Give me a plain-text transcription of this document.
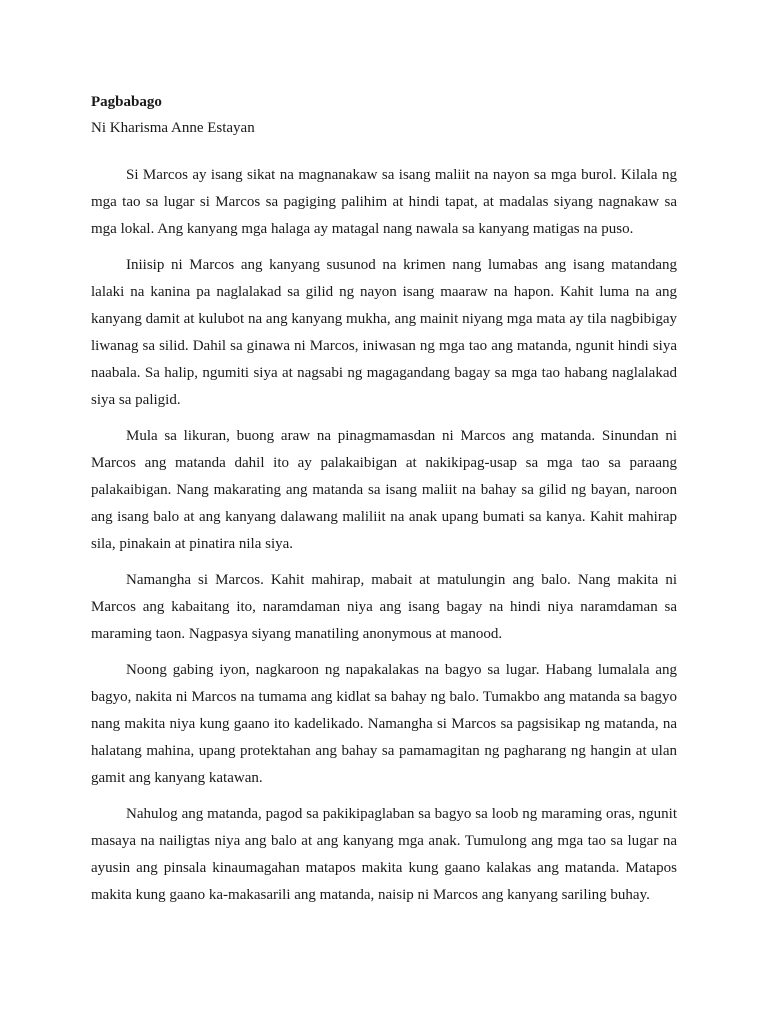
Pagbabago

Ni Kharisma Anne Estayan

Si Marcos ay isang sikat na magnanakaw sa isang maliit na nayon sa mga burol. Kilala ng mga tao sa lugar si Marcos sa pagiging palihim at hindi tapat, at madalas siyang nagnakaw sa mga lokal. Ang kanyang mga halaga ay matagal nang nawala sa kanyang matigas na puso.

Iniisip ni Marcos ang kanyang susunod na krimen nang lumabas ang isang matandang lalaki na kanina pa naglalakad sa gilid ng nayon isang maaraw na hapon. Kahit luma na ang kanyang damit at kulubot na ang kanyang mukha, ang mainit niyang mga mata ay tila nagbibigay liwanag sa silid. Dahil sa ginawa ni Marcos, iniwasan ng mga tao ang matanda, ngunit hindi siya naabala. Sa halip, ngumiti siya at nagsabi ng magagandang bagay sa mga tao habang naglalakad siya sa paligid.

Mula sa likuran, buong araw na pinagmamasdan ni Marcos ang matanda. Sinundan ni Marcos ang matanda dahil ito ay palakaibigan at nakikipag-usap sa mga tao sa paraang palakaibigan. Nang makarating ang matanda sa isang maliit na bahay sa gilid ng bayan, naroon ang isang balo at ang kanyang dalawang maliliit na anak upang bumati sa kanya. Kahit mahirap sila, pinakain at pinatira nila siya.

Namangha si Marcos. Kahit mahirap, mabait at matulungin ang balo. Nang makita ni Marcos ang kabaitang ito, naramdaman niya ang isang bagay na hindi niya naramdaman sa maraming taon. Nagpasya siyang manatiling anonymous at manood.

Noong gabing iyon, nagkaroon ng napakalakas na bagyo sa lugar. Habang lumalala ang bagyo, nakita ni Marcos na tumama ang kidlat sa bahay ng balo. Tumakbo ang matanda sa bagyo nang makita niya kung gaano ito kadelikado. Namangha si Marcos sa pagsisikap ng matanda, na halatang mahina, upang protektahan ang bahay sa pamamagitan ng pagharang ng hangin at ulan gamit ang kanyang katawan.

Nahulog ang matanda, pagod sa pakikipaglaban sa bagyo sa loob ng maraming oras, ngunit masaya na nailigtas niya ang balo at ang kanyang mga anak. Tumulong ang mga tao sa lugar na ayusin ang pinsala kinaumagahan matapos makita kung gaano kalakas ang matanda. Matapos makita kung gaano ka-makasarili ang matanda, naisip ni Marcos ang kanyang sariling buhay.
